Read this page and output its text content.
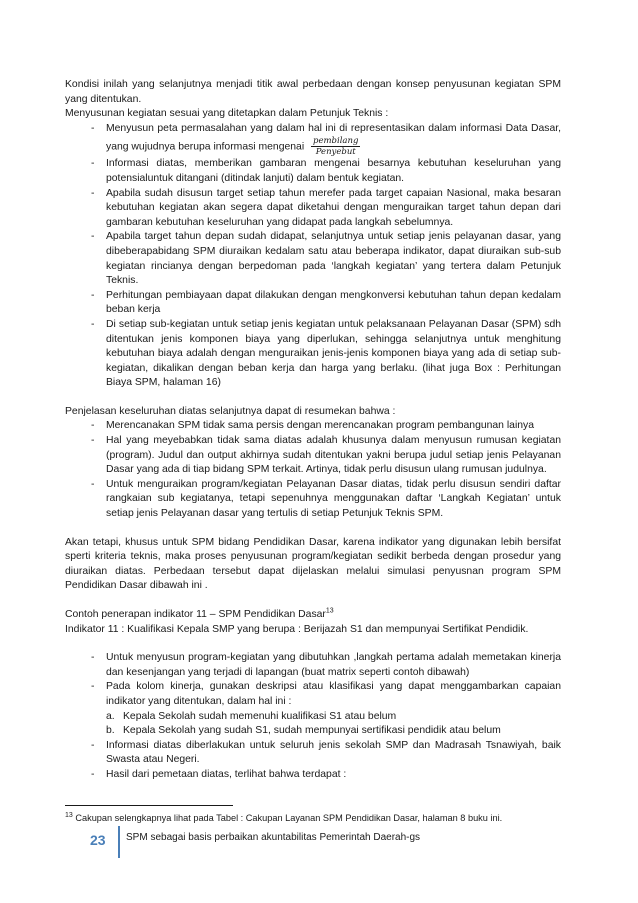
Kondisi inilah yang selanjutnya menjadi titik awal perbedaan dengan konsep penyusunan kegiatan SPM yang ditentukan.

Menyusunan kegiatan sesuai yang ditetapkan dalam Petunjuk Teknis :

- Menyusun peta permasalahan yang dalam hal ini di representasikan dalam informasi Data Dasar, yang wujudnya berupa informasi mengenai $\frac{\text{pembilang}}{\text{Penyebut}}$
- Informasi diatas, memberikan gambaran mengenai besarnya kebutuhan keseluruhan yang potensialuntuk ditangani (ditindak lanjuti) dalam bentuk kegiatan.
- Apabila sudah disusun target setiap tahun merefer pada target capaian Nasional, maka besaran kebutuhan kegiatan akan segera dapat diketahui dengan menguraikan target tahun depan dari gambaran kebutuhan keseluruhan yang didapat pada langkah sebelumnya.
- Apabila target tahun depan sudah didapat, selanjutnya untuk setiap jenis pelayanan dasar, yang dibeberapabidang SPM diuraikan kedalam satu atau beberapa indikator, dapat diuraikan sub-sub kegiatan rincianya dengan berpedoman pada ‘langkah kegiatan’ yang tertera dalam Petunjuk Teknis.
- Perhitungan pembiayaan dapat dilakukan dengan mengkonversi kebutuhan tahun depan kedalam beban kerja
- Di setiap sub-kegiatan untuk setiap jenis kegiatan untuk pelaksanaan Pelayanan Dasar (SPM) sdh ditentukan jenis komponen biaya yang diperlukan, sehingga selanjutnya untuk menghitung kebutuhan biaya adalah dengan menguraikan jenis-jenis komponen biaya yang ada di setiap sub-kegiatan, dikalikan dengan beban kerja dan harga yang berlaku. (lihat juga Box : Perhitungan Biaya SPM, halaman 16)

Penjelasan keseluruhan diatas selanjutnya dapat di resumekan bahwa :

- Merencanakan SPM tidak sama persis dengan merencanakan program pembangunan lainya
- Hal yang meyebabkan tidak sama diatas adalah khusunya dalam menyusun rumusan kegiatan (program). Judul dan output akhirnya sudah ditentukan yakni berupa judul setiap jenis Pelayanan Dasar yang ada di tiap bidang SPM terkait. Artinya, tidak perlu disusun ulang rumusan judulnya.
- Untuk menguraikan program/kegiatan Pelayanan Dasar diatas, tidak perlu disusun sendiri daftar rangkaian sub kegiatanya, tetapi sepenuhnya menggunakan daftar ‘Langkah Kegiatan’ untuk setiap jenis Pelayanan dasar yang tertulis di setiap Petunjuk Teknis SPM.

Akan tetapi, khusus untuk SPM bidang Pendidikan Dasar, karena indikator yang digunakan lebih bersifat sperti kriteria teknis, maka proses penyusunan program/kegiatan sedikit berbeda dengan prosedur yang diuraikan diatas. Perbedaan tersebut dapat dijelaskan melalui simulasi penyusnan program SPM Pendidikan Dasar dibawah ini .

Contoh penerapan indikator 11 – SPM Pendidikan Dasar$^{13}$

Indikator 11 : Kualifikasi Kepala SMP yang berupa : Berijazah S1 dan mempunyai Sertifikat Pendidik.

- Untuk menyusun program-kegiatan yang dibutuhkan ,langkah pertama adalah memetakan kinerja dan kesenjangan yang terjadi di lapangan (buat matrix seperti contoh dibawah)
- Pada kolom kinerja, gunakan deskripsi atau klasifikasi yang dapat menggambarkan capaian indikator yang ditentukan, dalam hal ini :
a. Kepala Sekolah sudah memenuhi kualifikasi S1 atau belum
b. Kepala Sekolah yang sudah S1, sudah mempunyai sertifikasi pendidik atau belum
- Informasi diatas diberlakukan untuk seluruh jenis sekolah SMP dan Madrasah Tsnawiyah, baik Swasta atau Negeri.
- Hasil dari pemetaan diatas, terlihat bahwa terdapat :
$^{13}$ Cakupan selengkapnya lihat pada Tabel : Cakupan Layanan SPM Pendidikan Dasar, halaman 8 buku ini.
23 SPM sebagai basis perbaikan akuntabilitas Pemerintah Daerah-gs
